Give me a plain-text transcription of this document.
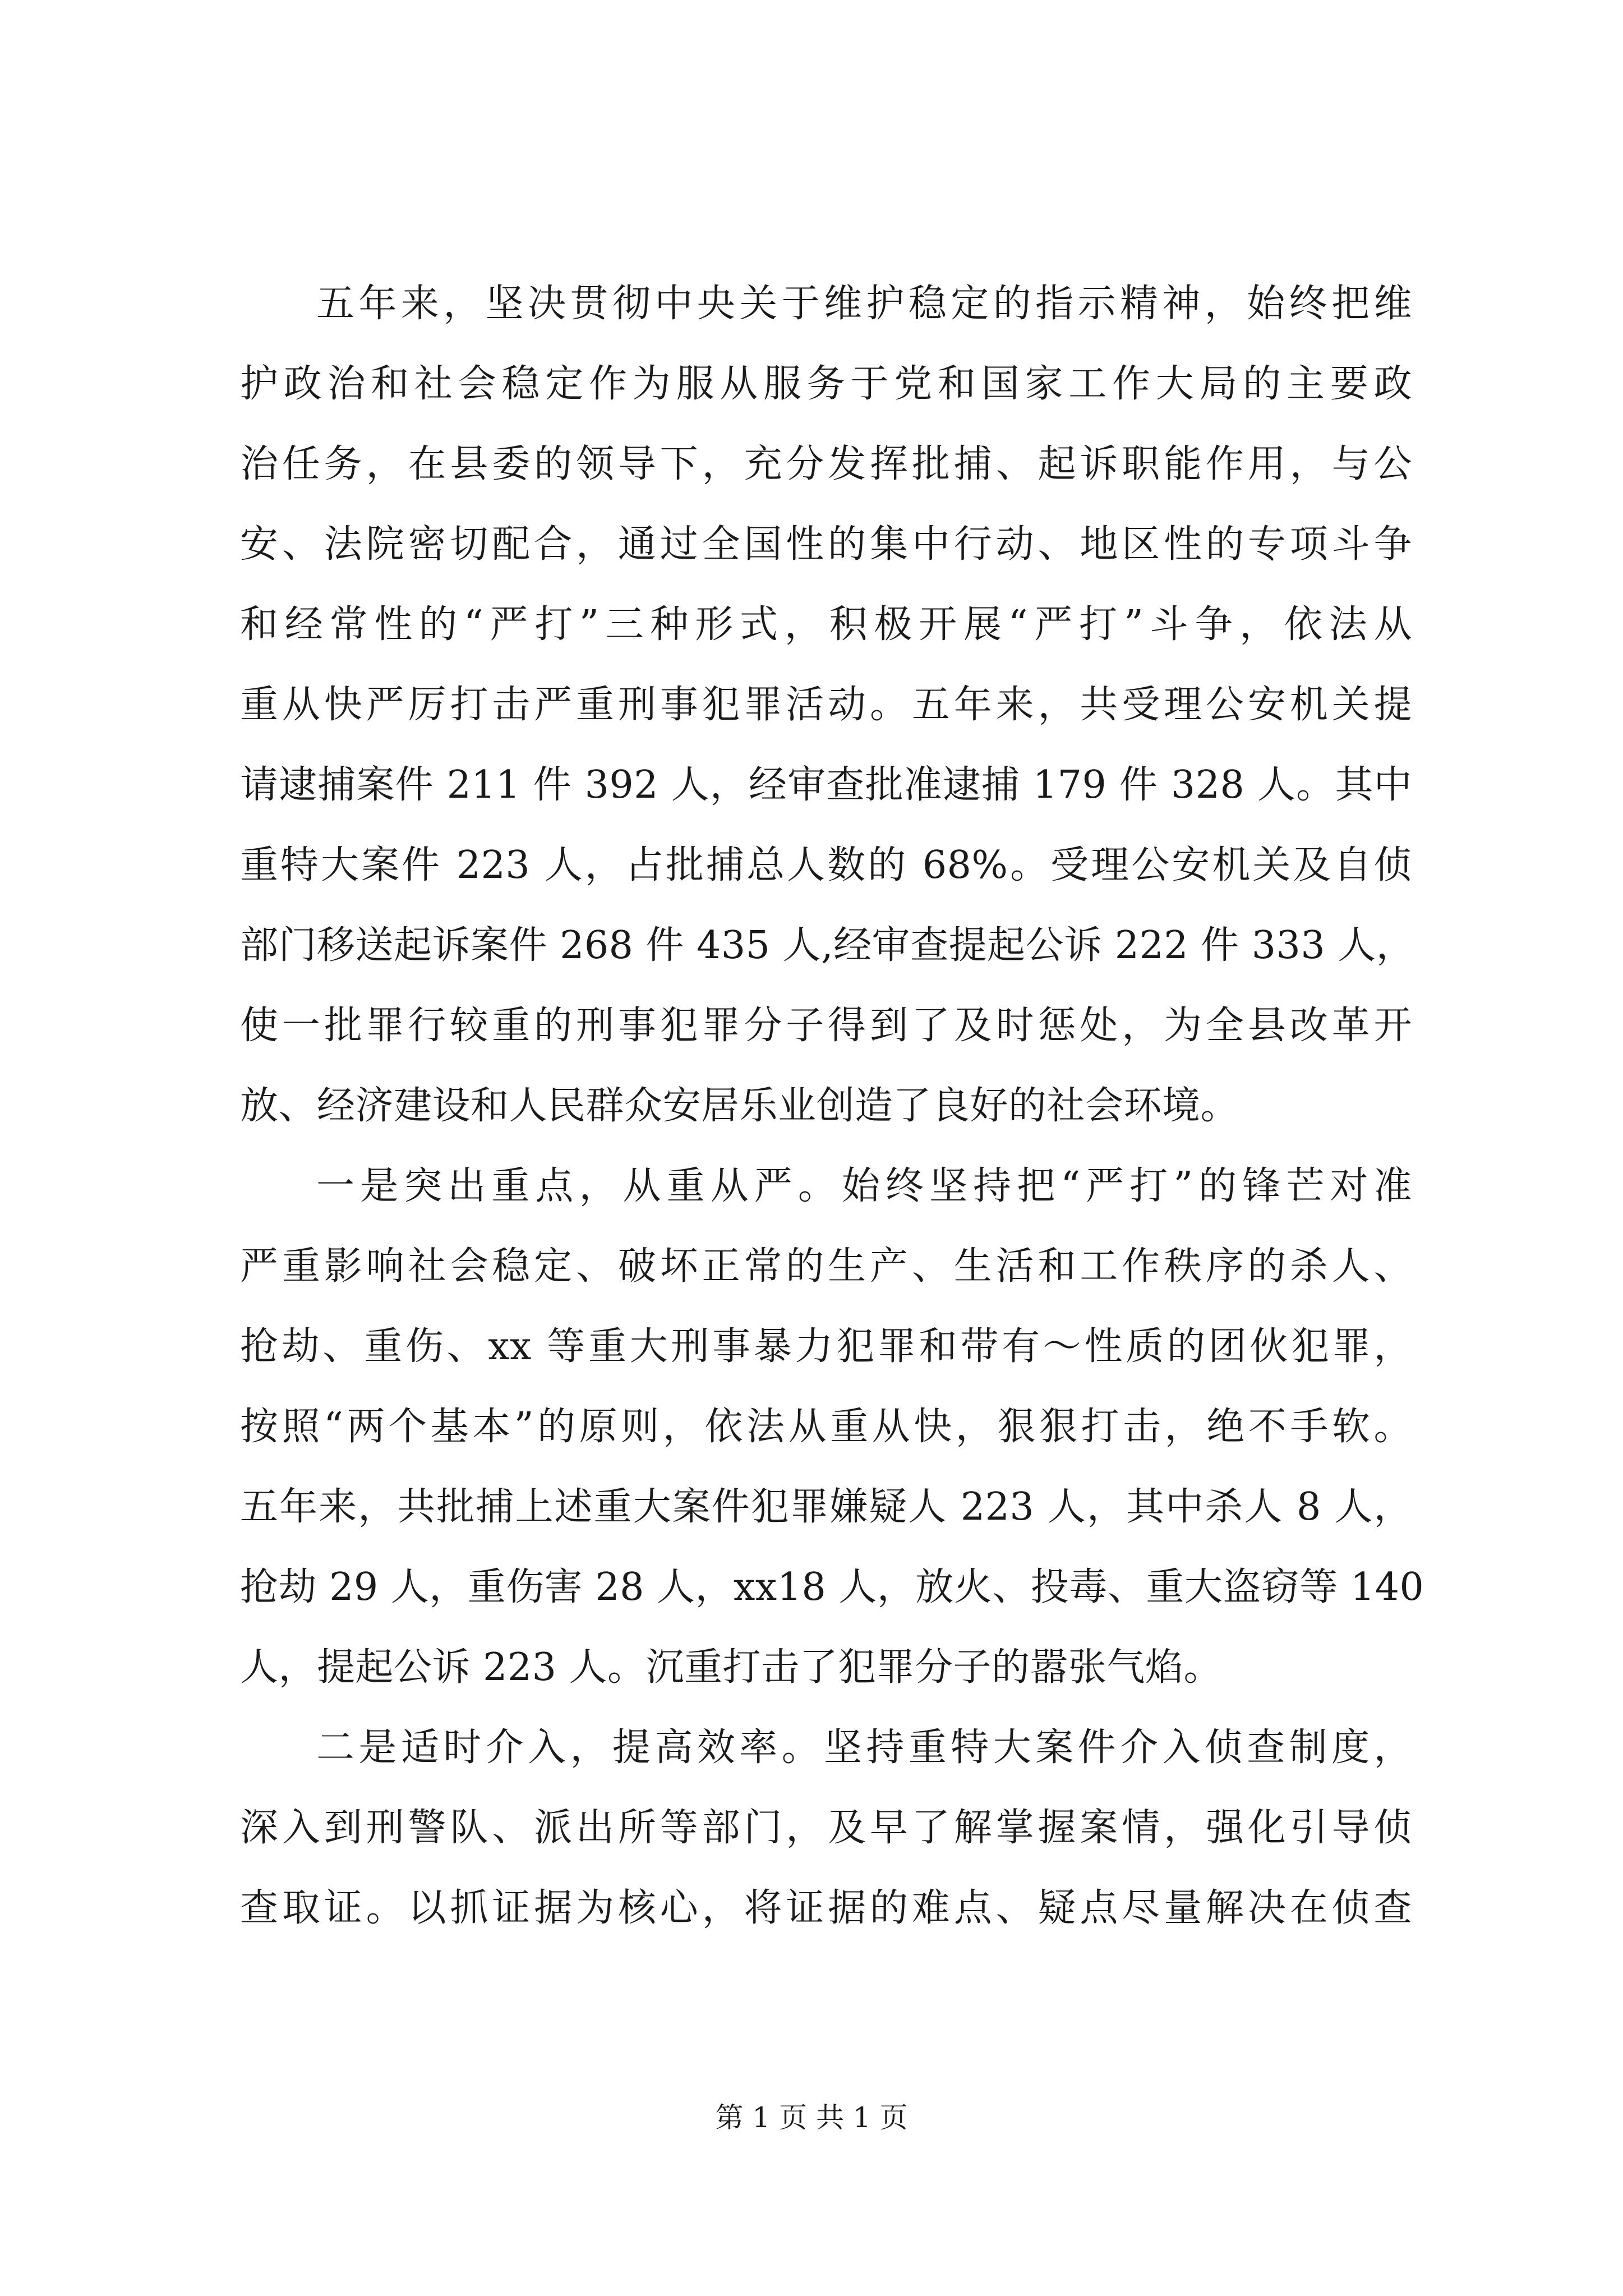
五年来，坚决贯彻中央关于维护稳定的指示精神，始终把维
护政治和社会稳定作为服从服务于党和国家工作大局的主要政
治任务，在县委的领导下，充分发挥批捕、起诉职能作用，与公
安、法院密切配合，通过全国性的集中行动、地区性的专项斗争
和经常性的“严打”三种形式，积极开展“严打”斗争，依法从
重从快严厉打击严重刑事犯罪活动。五年来，共受理公安机关提
请逮捕案件 211 件 392 人，经审查批准逮捕 179 件 328 人。其中
重特大案件 223 人，占批捕总人数的 68%。受理公安机关及自侦
部门移送起诉案件 268 件 435 人,经审查提起公诉 222 件 333 人，
使一批罪行较重的刑事犯罪分子得到了及时惩处，为全县改革开
放、经济建设和人民群众安居乐业创造了良好的社会环境。
一是突出重点，从重从严。始终坚持把“严打”的锋芒对准
严重影响社会稳定、破坏正常的生产、生活和工作秩序的杀人、
抢劫、重伤、xx 等重大刑事暴力犯罪和带有～性质的团伙犯罪，
按照“两个基本”的原则，依法从重从快，狠狠打击，绝不手软。
五年来，共批捕上述重大案件犯罪嫌疑人 223 人，其中杀人 8 人，
抢劫 29 人，重伤害 28 人，xx18 人，放火、投毒、重大盗窃等 140
人，提起公诉 223 人。沉重打击了犯罪分子的嚣张气焰。
二是适时介入，提高效率。坚持重特大案件介入侦查制度，
深入到刑警队、派出所等部门，及早了解掌握案情，强化引导侦
查取证。以抓证据为核心，将证据的难点、疑点尽量解决在侦查
第 1 页 共 1 页
